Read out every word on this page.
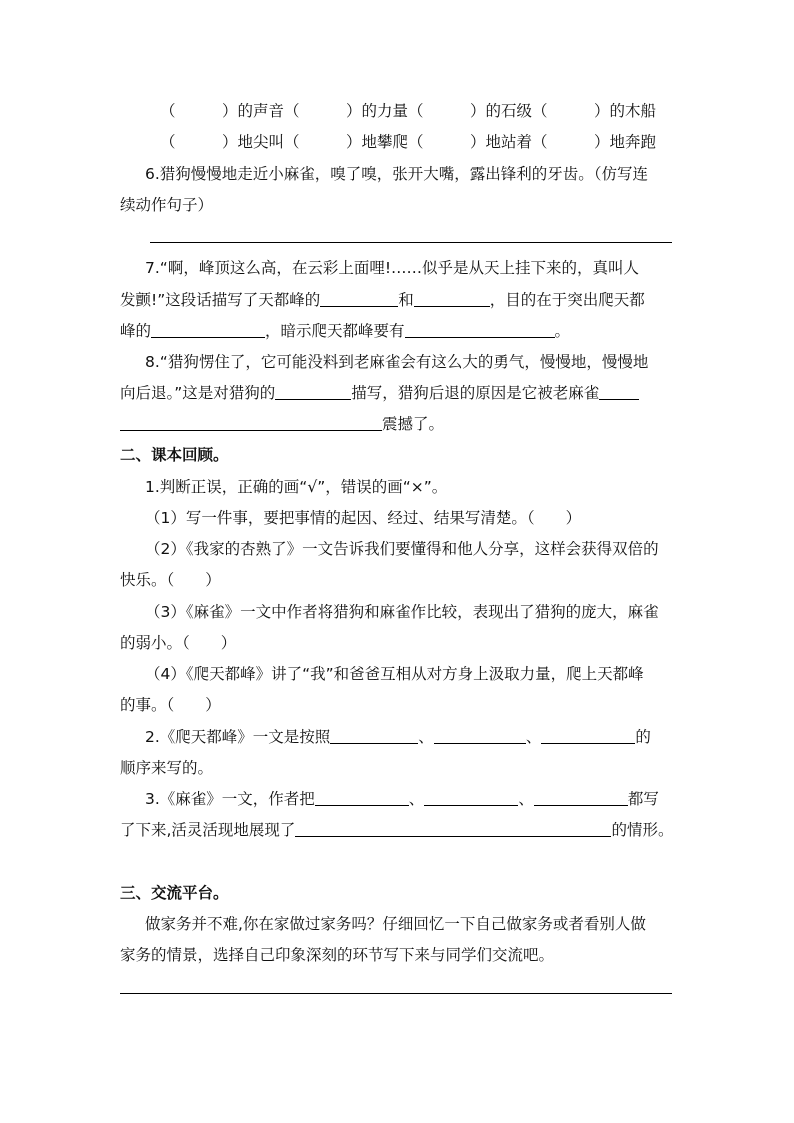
（　　　）的声音（　　　）的力量（　　　）的石级（　　　）的木船
（　　　）地尖叫（　　　）地攀爬（　　　）地站着（　　　）地奔跑
6.猎狗慢慢地走近小麻雀，嗅了嗅，张开大嘴，露出锋利的牙齿。（仿写连
续动作句子）
7.“啊，峰顶这么高，在云彩上面哩!……似乎是从天上挂下来的，真叫人
发颤!”这段话描写了天都峰的	和	，目的在于突出爬天都
峰的	，暗示爬天都峰要有	。
8.“猎狗愣住了，它可能没料到老麻雀会有这么大的勇气，慢慢地，慢慢地
向后退。”这是对猎狗的	描写，猎狗后退的原因是它被老麻雀
震撼了。
二、课本回顾。
1.判断正误，正确的画“√”，错误的画“×”。
（1）写一件事，要把事情的起因、经过、结果写清楚。（　　）
（2）《我家的杏熟了》一文告诉我们要懂得和他人分享，这样会获得双倍的
快乐。（　　）
（3）《麻雀》一文中作者将猎狗和麻雀作比较，表现出了猎狗的庞大，麻雀
的弱小。（　　）
（4）《爬天都峰》讲了“我”和爸爸互相从对方身上汲取力量，爬上天都峰
的事。（　　）
2.《爬天都峰》一文是按照	、	、	的
顺序来写的。
3.《麻雀》一文，作者把	、	、	都写
了下来,活灵活现地展现了	的情形。
三、交流平台。
做家务并不难,你在家做过家务吗？仔细回忆一下自己做家务或者看别人做
家务的情景，选择自己印象深刻的环节写下来与同学们交流吧。
